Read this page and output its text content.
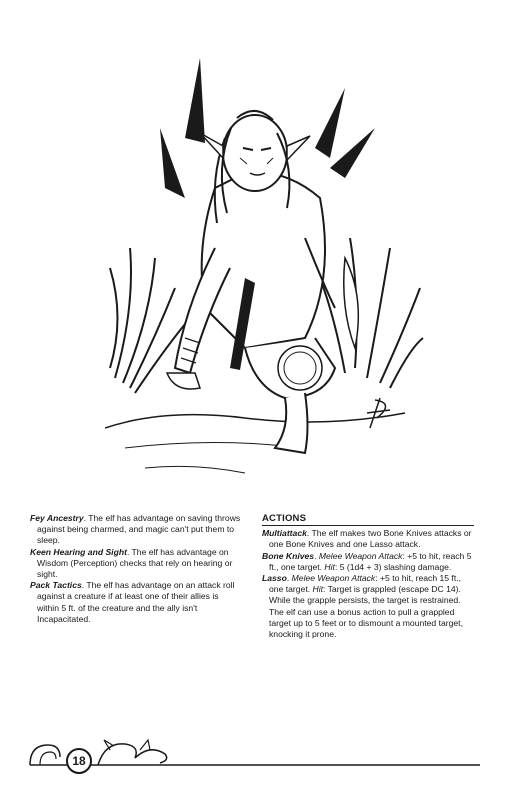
Fey Ancestry. The elf has advantage on saving throws against being charmed, and magic can't put them to sleep.

Keen Hearing and Sight. The elf has advantage on Wisdom (Perception) checks that rely on hearing or sight.

Pack Tactics. The elf has advantage on an attack roll against a creature if at least one of their allies is within 5 ft. of the creature and the ally isn't Incapacitated.

ACTIONS

Multiattack. The elf makes two Bone Knives attacks or one Bone Knives and one Lasso attack.

Bone Knives. Melee Weapon Attack: +5 to hit, reach 5 ft., one target. Hit: 5 (1d4 + 3) slashing damage.

Lasso. Melee Weapon Attack: +5 to hit, reach 15 ft., one target. Hit: Target is grappled (escape DC 14). While the grapple persists, the target is restrained. The elf can use a bonus action to pull a grappled target up to 5 feet or to dismount a mounted target, knocking it prone.

18
